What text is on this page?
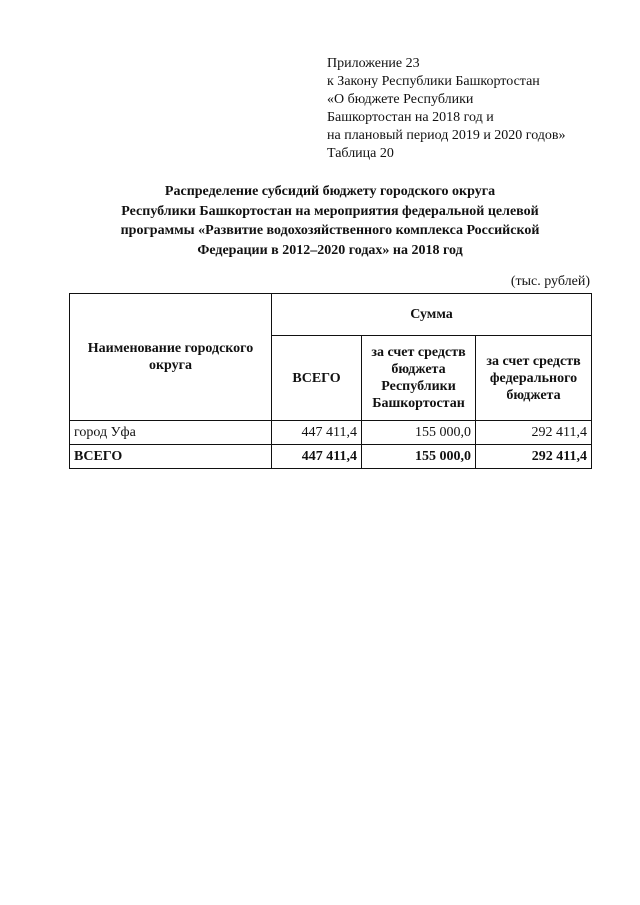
Приложение 23
к Закону Республики Башкортостан
«О бюджете Республики
Башкортостан на 2018 год и
на плановый период 2019 и 2020 годов»
Таблица 20
Распределение субсидий бюджету городского округа
Республики Башкортостан на мероприятия федеральной целевой
программы «Развитие водохозяйственного комплекса Российской
Федерации в 2012–2020 годах» на 2018 год
(тыс. рублей)
Наименование городского округа	Сумма		
	ВСЕГО	за счет средств бюджета Республики Башкортостан	за счет средств федерального бюджета
город Уфа	447 411,4	155 000,0	292 411,4
ВСЕГО	447 411,4	155 000,0	292 411,4
